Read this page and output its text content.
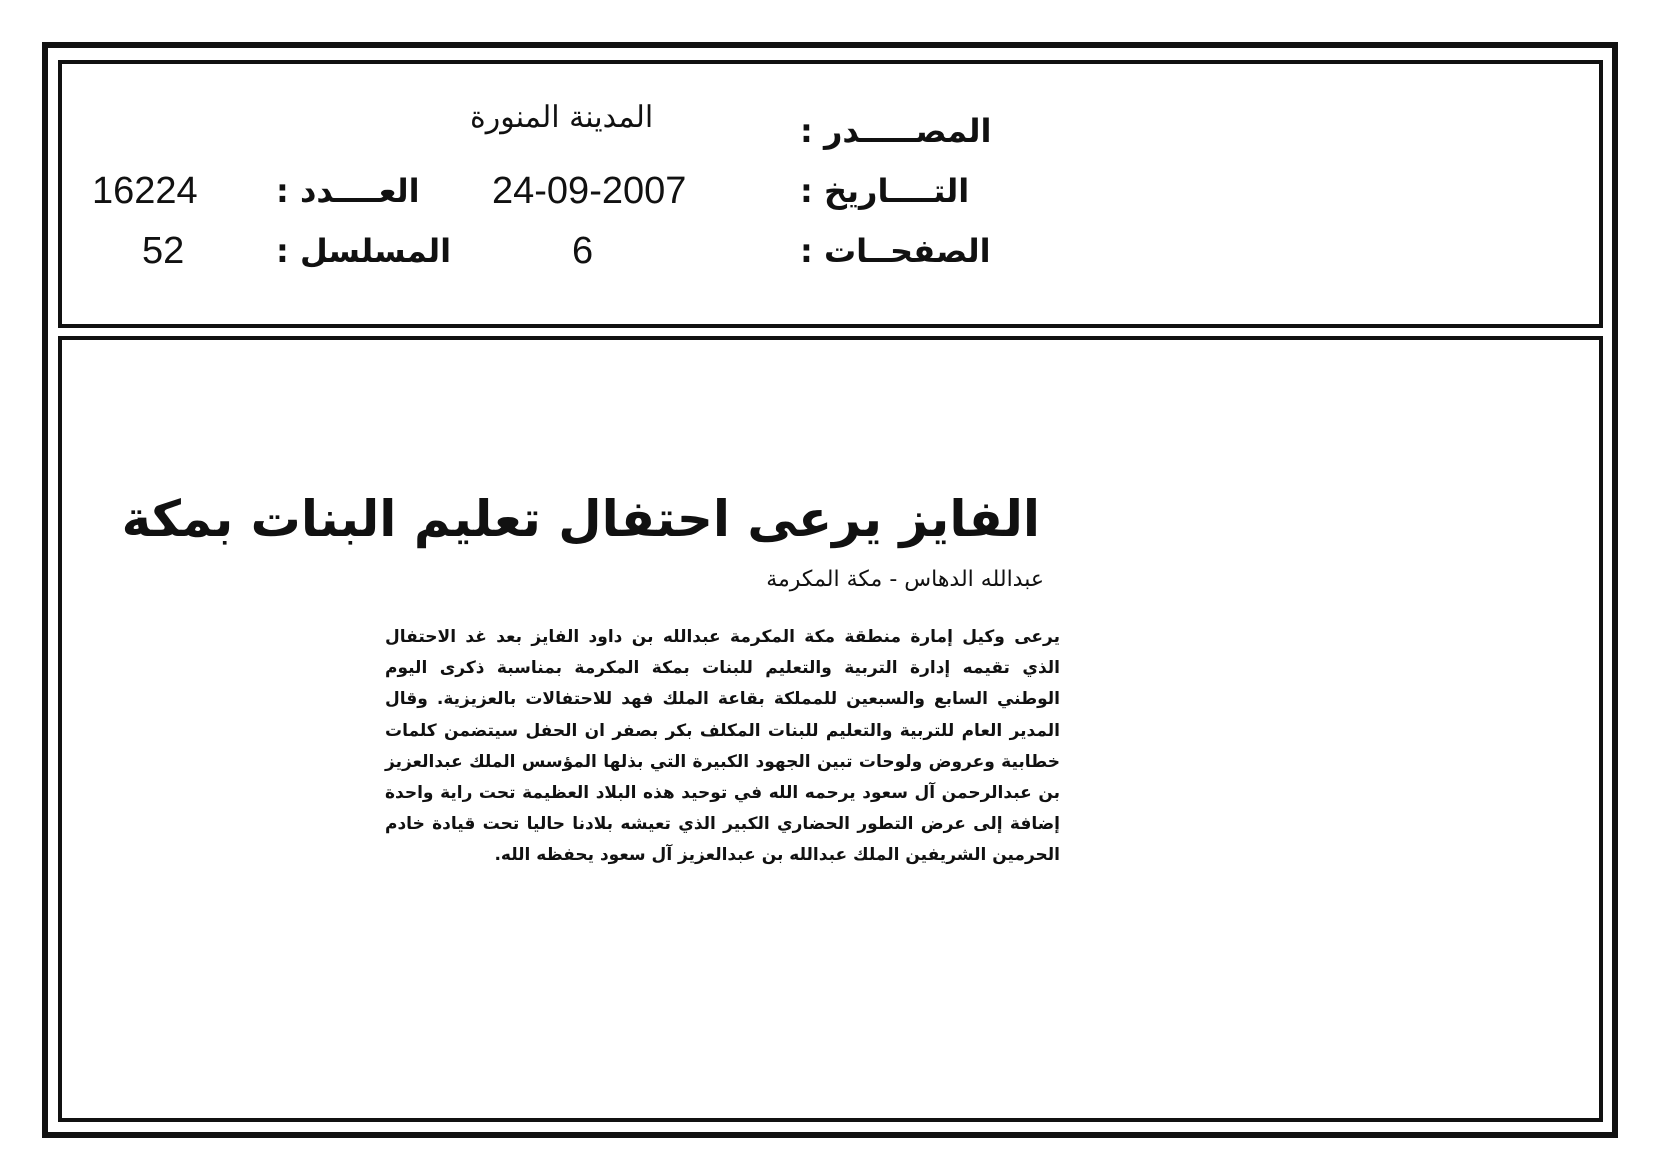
المصـــــدر :
المدينة المنورة
التــــاريخ :
24-09-2007
العــــدد :
16224
الصفحــات :
6
المسلسل :
52
الفايز يرعى احتفال تعليم البنات بمكة
عبدالله الدهاس - مكة المكرمة

يرعى وكيل إمارة منطقة مكة المكرمة عبدالله بن داود الفايز بعد غد الاحتفال الذي تقيمه إدارة التربية والتعليم للبنات بمكة المكرمة بمناسبة ذكرى اليوم الوطني السابع والسبعين للمملكة بقاعة الملك فهد للاحتفالات بالعزيزية. وقال المدير العام للتربية والتعليم للبنات المكلف بكر بصفر ان الحفل سيتضمن كلمات خطابية وعروض ولوحات تبين الجهود الكبيرة التي بذلها المؤسس الملك عبدالعزيز بن عبدالرحمن آل سعود يرحمه الله في توحيد هذه البلاد العظيمة تحت راية واحدة إضافة إلى عرض التطور الحضاري الكبير الذي تعيشه بلادنا حاليا تحت قيادة خادم الحرمين الشريفين الملك عبدالله بن عبدالعزيز آل سعود يحفظه الله.
